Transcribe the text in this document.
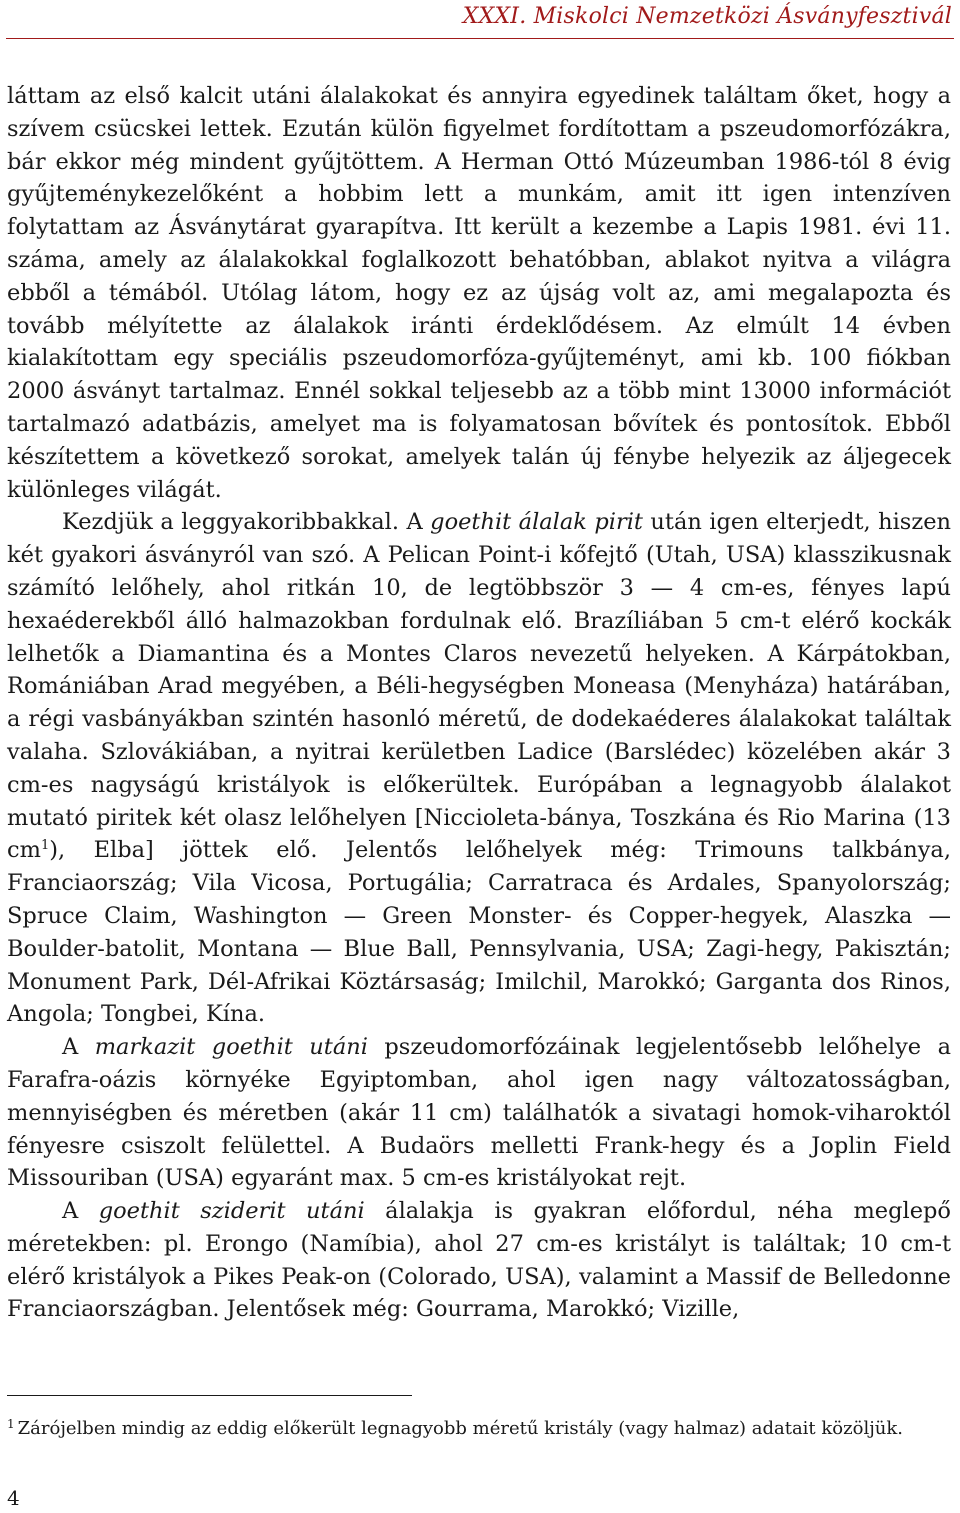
XXXI. Miskolci Nemzetközi Ásványfesztivál

láttam az első kalcit utáni álalakokat és annyira egyedinek találtam őket, hogy a szívem csücskei lettek. Ezután külön figyelmet fordítottam a pszeudomorfózákra, bár ekkor még mindent gyűjtöttem. A Herman Ottó Múzeumban 1986-tól 8 évig gyűjteménykezelőként a hobbim lett a munkám, amit itt igen intenzíven folytattam az Ásványtárat gyarapítva. Itt került a kezembe a Lapis 1981. évi 11. száma, amely az álalakokkal foglalkozott behatóbban, ablakot nyitva a világra ebből a témából. Utólag látom, hogy ez az újság volt az, ami megalapozta és tovább mélyítette az álalakok iránti érdeklődésem. Az elmúlt 14 évben kialakítottam egy speciális pszeudomorfóza-gyűjteményt, ami kb. 100 fiókban 2000 ásványt tartalmaz. Ennél sokkal teljesebb az a több mint 13000 információt tartalmazó adatbázis, amelyet ma is folyamatosan bővítek és pontosítok. Ebből készítettem a következő sorokat, amelyek talán új fénybe helyezik az áljegecek különleges világát.

Kezdjük a leggyakoribbakkal. A goethit álalak pirit után igen elterjedt, hiszen két gyakori ásványról van szó. A Pelican Point-i kőfejtő (Utah, USA) klasszikusnak számító lelőhely, ahol ritkán 10, de legtöbbször 3 — 4 cm-es, fényes lapú hexaéderekből álló halmazokban fordulnak elő. Brazíliában 5 cm-t elérő kockák lelhetők a Diamantina és a Montes Claros nevezetű helyeken. A Kárpátokban, Romániában Arad megyében, a Béli-hegységben Moneasa (Menyháza) határában, a régi vasbányákban szintén hasonló méretű, de dodekaéderes álalakokat találtak valaha. Szlovákiában, a nyitrai kerületben Ladice (Barslédec) közelében akár 3 cm-es nagyságú kristályok is előkerültek. Európában a legnagyobb álalakot mutató piritek két olasz lelőhelyen [Niccioleta-bánya, Toszkána és Rio Marina (13 $cm^1$), Elba] jöttek elő. Jelentős lelőhelyek még: Trimouns talkbánya, Franciaország; Vila Vicosa, Portugália; Carratraca és Ardales, Spanyolország; Spruce Claim, Washington — Green Monster- és Copper-hegyek, Alaszka — Boulder-batolit, Montana — Blue Ball, Pennsylvania, USA; Zagi-hegy, Pakisztán; Monument Park, Dél-Afrikai Köztársaság; Imilchil, Marokkó; Garganta dos Rinos, Angola; Tongbei, Kína.

A markazit goethit utáni pszeudomorfózáinak legjelentősebb lelőhelye a Farafra-oázis környéke Egyiptomban, ahol igen nagy változatosságban, mennyiségben és méretben (akár 11 cm) találhatók a sivatagi homok-viharoktól fényesre csiszolt felülettel. A Budaörs melletti Frank-hegy és a Joplin Field Missouriban (USA) egyaránt max. 5 cm-es kristályokat rejt.

A goethit sziderit utáni álalakja is gyakran előfordul, néha meglepő méretekben: pl. Erongo (Namíbia), ahol 27 cm-es kristályt is találtak; 10 cm-t elérő kristályok a Pikes Peak-on (Colorado, USA), valamint a Massif de Belledonne Franciaországban. Jelentősek még: Gourrama, Marokkó; Vizille,

$^1$ Zárójelben mindig az eddig előkerült legnagyobb méretű kristály (vagy halmaz) adatait közöljük.
4
